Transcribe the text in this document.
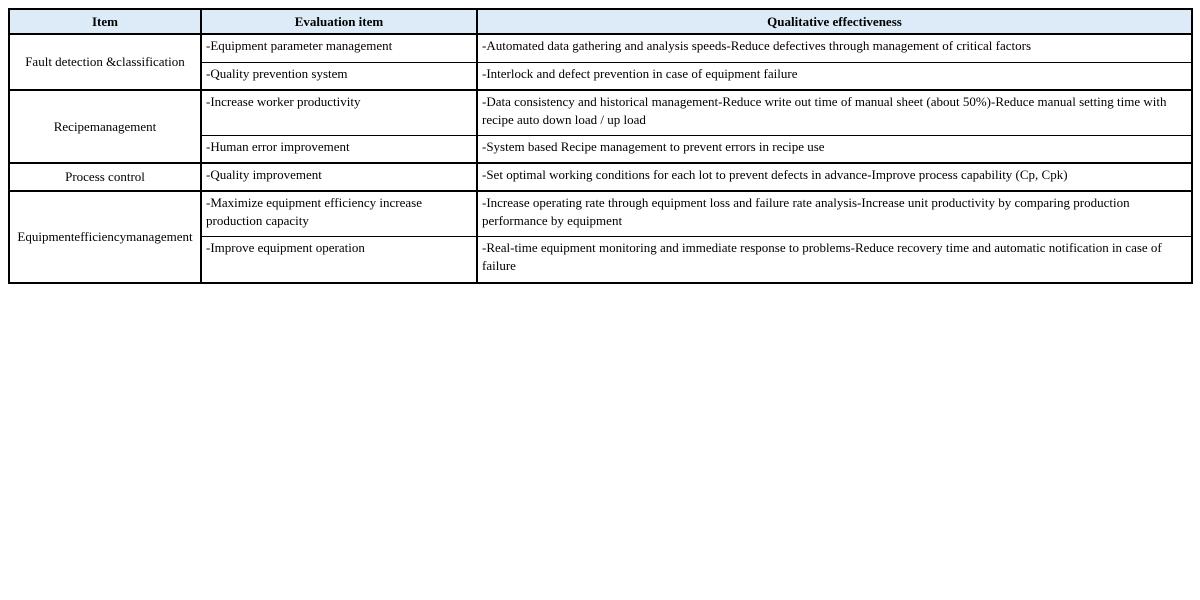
Item	Evaluation item	Qualitative effectiveness
Fault detection &classification	-Equipment parameter management	-Automated data gathering and analysis speeds-Reduce defectives through management of critical factors
	-Quality prevention system	-Interlock and defect prevention in case of equipment failure
Recipemanagement	-Increase worker productivity	-Data consistency and historical management-Reduce write out time of manual sheet (about 50%)-Reduce manual setting time with recipe auto down load / up load
	-Human error improvement	-System based Recipe management to prevent errors in recipe use
Process control	-Quality improvement	-Set optimal working conditions for each lot to prevent defects in advance-Improve process capability (Cp, Cpk)
Equipmentefficiencymanagement	-Maximize equipment efficiency increase production capacity	-Increase operating rate through equipment loss and failure rate analysis-Increase unit productivity by comparing production performance by equipment
	-Improve equipment operation	-Real-time equipment monitoring and immediate response to problems-Reduce recovery time and automatic notification in case of failure
